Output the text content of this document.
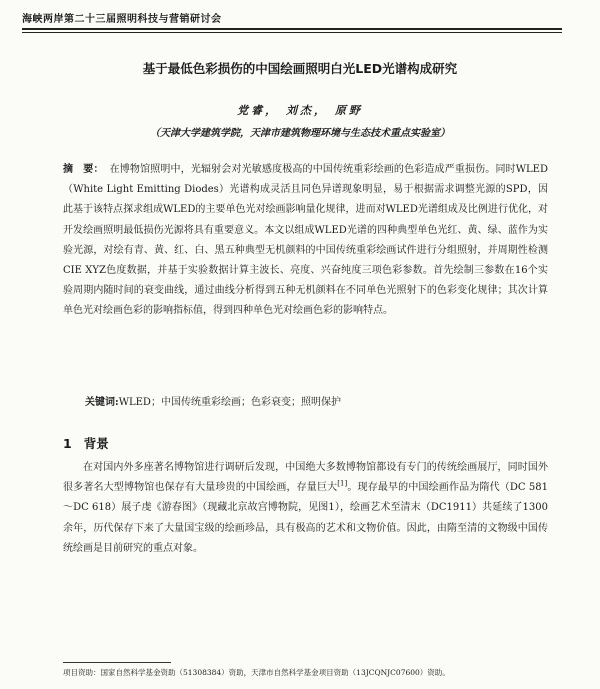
海峡两岸第二十三届照明科技与营销研讨会
基于最低色彩损伤的中国绘画照明白光LED光谱构成研究
党睿， 刘杰， 原野
（天津大学建筑学院，天津市建筑物理环境与生态技术重点实验室）
摘　要： 在博物馆照明中，光辐射会对光敏感度极高的中国传统重彩绘画的色彩造成严重损伤。同时WLED（White Light Emitting Diodes）光谱构成灵活且同色异谱现象明显，易于根据需求调整光源的SPD，因此基于该特点探求组成WLED的主要单色光对绘画影响量化规律，进而对WLED光谱组成及比例进行优化，对开发绘画照明最低损伤光源将具有重要意义。本文以组成WLED光谱的四种典型单色光红、黄、绿、蓝作为实验光源，对绘有青、黄、红、白、黑五种典型无机颜料的中国传统重彩绘画试件进行分组照射，并周期性检测CIE XYZ色度数据，并基于实验数据计算主波长、亮度、兴奋纯度三项色彩参数。首先绘制三参数在16个实验周期内随时间的衰变曲线，通过曲线分析得到五种无机颜料在不同单色光照射下的色彩变化规律；其次计算单色光对绘画色彩的影响指标值，得到四种单色光对绘画色彩的影响特点。
关键词:WLED；中国传统重彩绘画；色彩衰变；照明保护
1 背景
在对国内外多座著名博物馆进行调研后发现，中国绝大多数博物馆都设有专门的传统绘画展厅，同时国外很多著名大型博物馆也保存有大量珍贵的中国绘画，存量巨大[1]。现存最早的中国绘画作品为隋代（DC 581～DC 618）展子虔《游春图》（现藏北京故宫博物院，见图1），绘画艺术至清末（DC1911）共延续了1300余年，历代保存下来了大量国宝级的绘画珍品，具有极高的艺术和文物价值。因此，由隋至清的文物级中国传统绘画是目前研究的重点对象。
项目资助：国家自然科学基金资助（51308384）资助，天津市自然科学基金项目资助（13JCQNJC07600）资助。
